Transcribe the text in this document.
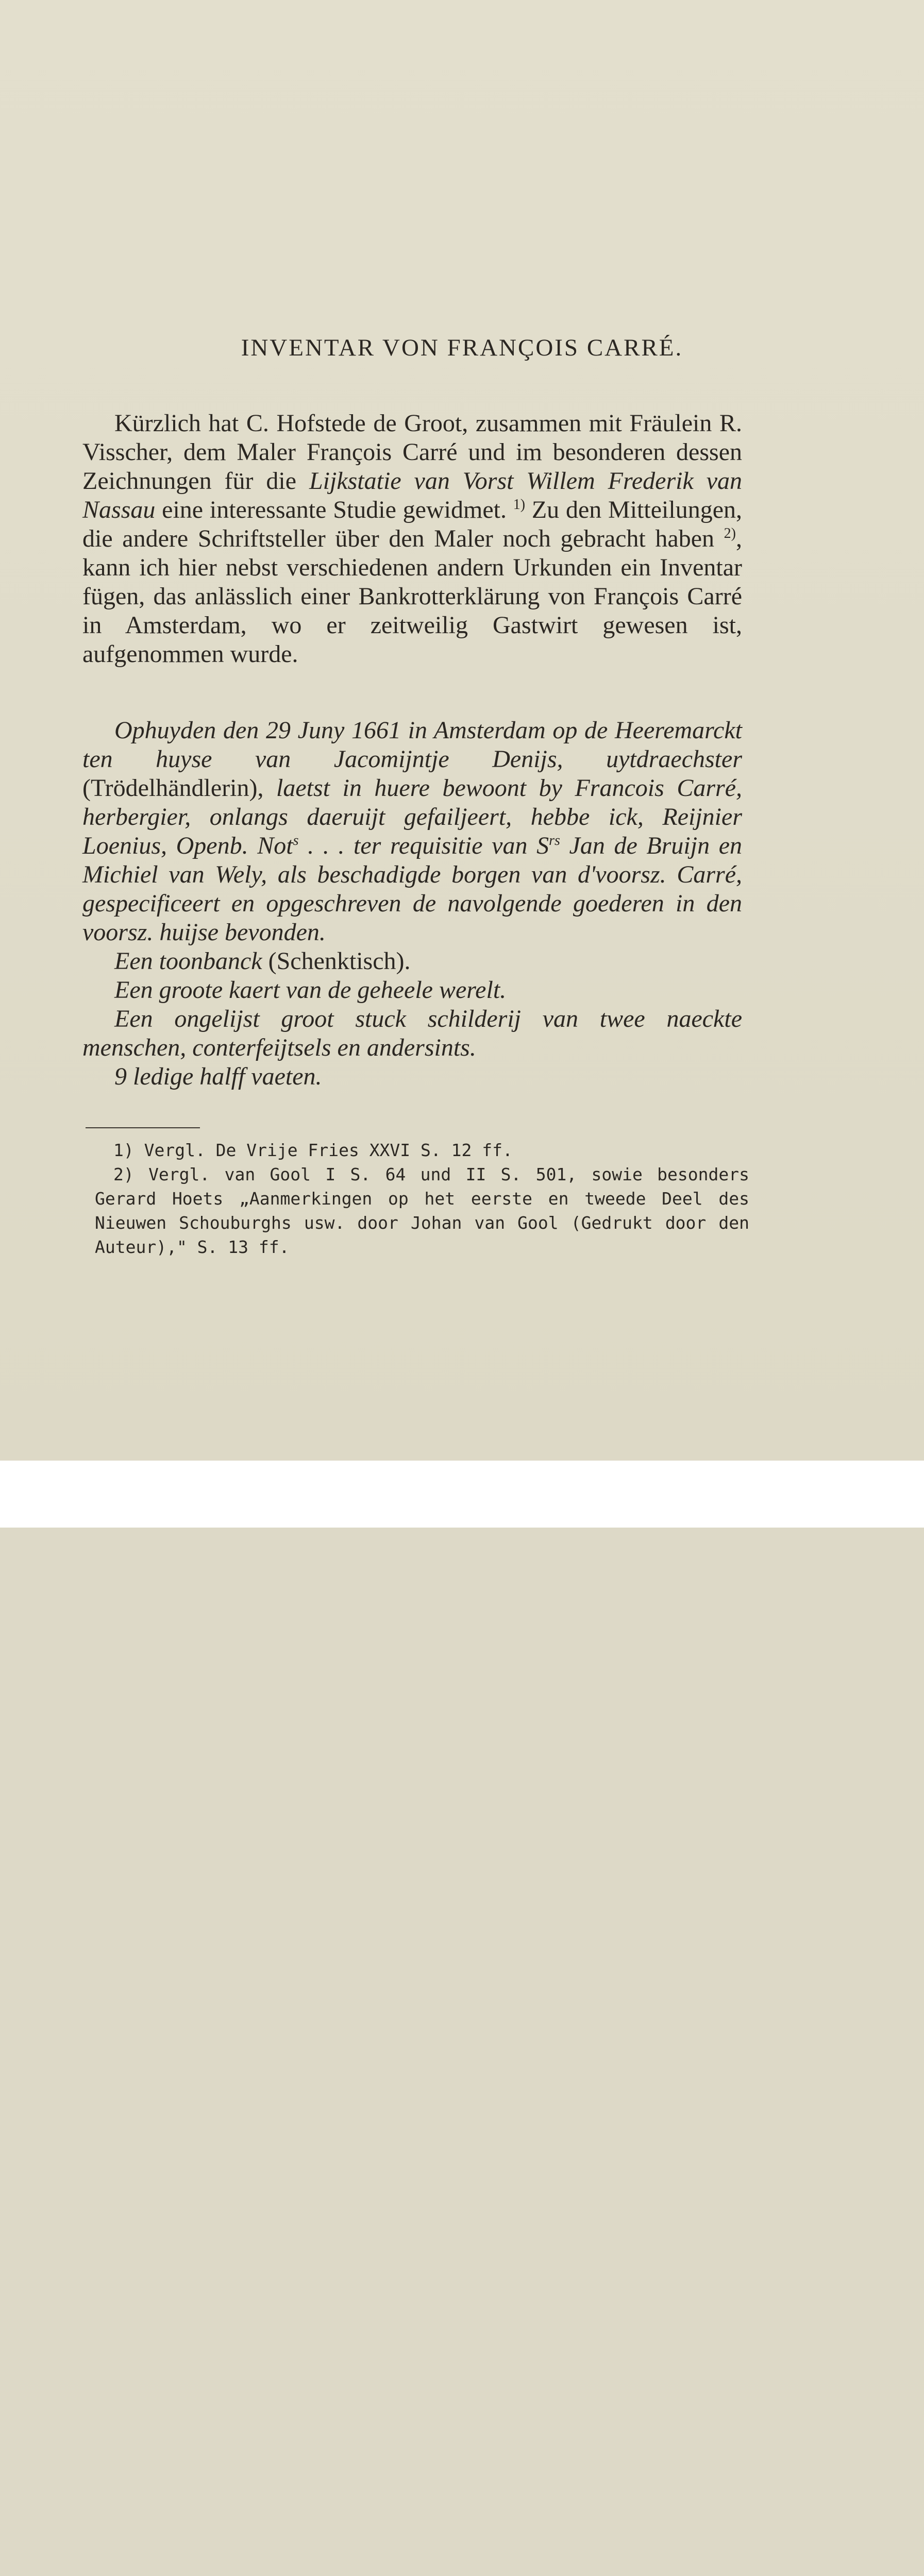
INVENTAR VON FRANÇOIS CARRÉ.
Kürzlich hat C. Hofstede de Groot, zusammen mit Fräulein R. Visscher, dem Maler François Carré und im besonderen dessen Zeichnungen für die Lijkstatie van Vorst Willem Frederik van Nassau eine interessante Studie gewidmet. $^{1)}$ Zu den Mitteilungen, die andere Schriftsteller über den Maler noch gebracht haben $^{2)}$, kann ich hier nebst verschiedenen andern Urkunden ein Inventar fügen, das anlässlich einer Bankrotterklärung von François Carré in Amsterdam, wo er zeitweilig Gastwirt gewesen ist, aufgenommen wurde.
Ophuyden den 29 Juny 1661 in Amsterdam op de Heeremarckt ten huyse van Jacomijntje Denijs, uytdraechster (Trödelhändlerin), laetst in huere bewoont by Francois Carré, herbergier, onlangs daeruijt gefailjeert, hebbe ick, Reijnier Loenius, Openb. Not$^s$ . . . ter requisitie van $S^{rs}$ Jan de Bruijn en Michiel van Wely, als beschadigde borgen van d'voorsz. Carré, gespecificeert en opgeschreven de navolgende goederen in den voorsz. huijse bevonden.
Een toonbanck (Schenktisch).
Een groote kaert van de geheele werelt.
Een ongelijst groot stuck schilderij van twee naeckte menschen, conterfeijtsels en andersints.
9 ledige halff vaeten.
1) Vergl. De Vrije Fries XXVI S. 12 ff.
2) Vergl. van Gool I S. 64 und II S. 501, sowie besonders Gerard Hoets „Aanmerkingen op het eerste en tweede Deel des Nieuwen Schouburghs usw. door Johan van Gool (Gedrukt door den Auteur)," S. 13 ff.
